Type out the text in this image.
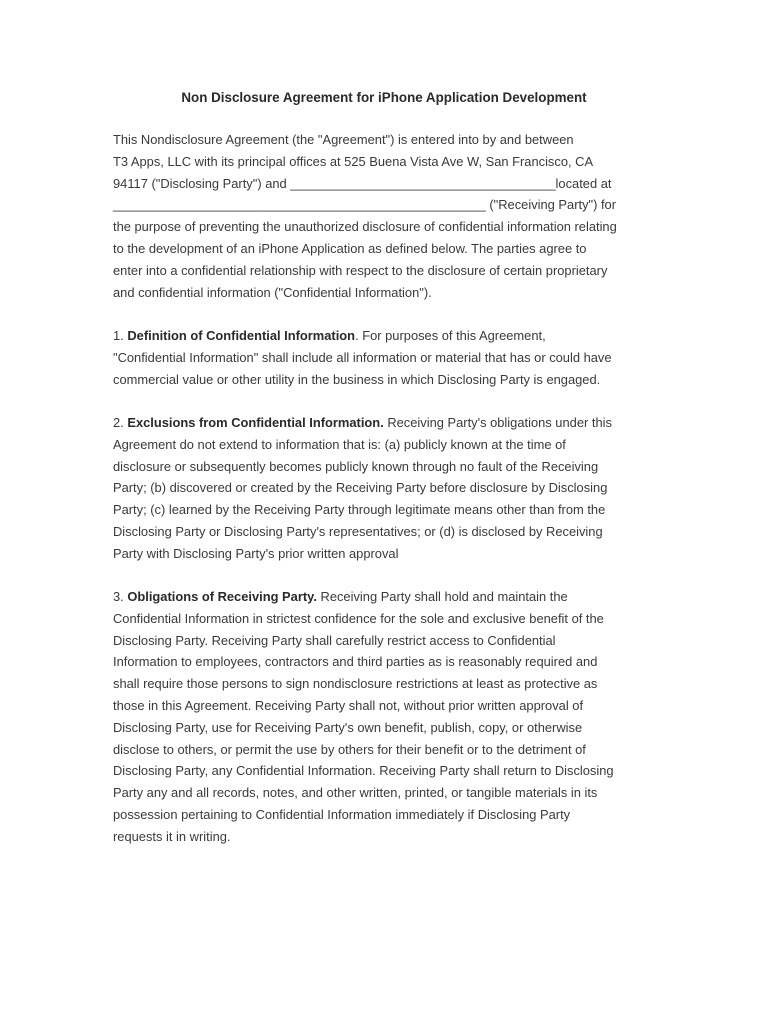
Non Disclosure Agreement for iPhone Application Development
This Nondisclosure Agreement (the "Agreement") is entered into by and between
T3 Apps, LLC with its principal offices at 525 Buena Vista Ave W, San Francisco, CA
94117 ("Disclosing Party") and _____________________________________located at
____________________________________________________ ("Receiving Party") for
the purpose of preventing the unauthorized disclosure of confidential information relating
to the development of an iPhone Application as defined below. The parties agree to
enter into a confidential relationship with respect to the disclosure of certain proprietary
and confidential information ("Confidential Information").
1. Definition of Confidential Information. For purposes of this Agreement,
"Confidential Information" shall include all information or material that has or could have
commercial value or other utility in the business in which Disclosing Party is engaged.
2. Exclusions from Confidential Information. Receiving Party's obligations under this
Agreement do not extend to information that is: (a) publicly known at the time of
disclosure or subsequently becomes publicly known through no fault of the Receiving
Party; (b) discovered or created by the Receiving Party before disclosure by Disclosing
Party; (c) learned by the Receiving Party through legitimate means other than from the
Disclosing Party or Disclosing Party's representatives; or (d) is disclosed by Receiving
Party with Disclosing Party's prior written approval
3. Obligations of Receiving Party. Receiving Party shall hold and maintain the
Confidential Information in strictest confidence for the sole and exclusive benefit of the
Disclosing Party. Receiving Party shall carefully restrict access to Confidential
Information to employees, contractors and third parties as is reasonably required and
shall require those persons to sign nondisclosure restrictions at least as protective as
those in this Agreement. Receiving Party shall not, without prior written approval of
Disclosing Party, use for Receiving Party's own benefit, publish, copy, or otherwise
disclose to others, or permit the use by others for their benefit or to the detriment of
Disclosing Party, any Confidential Information. Receiving Party shall return to Disclosing
Party any and all records, notes, and other written, printed, or tangible materials in its
possession pertaining to Confidential Information immediately if Disclosing Party
requests it in writing.
